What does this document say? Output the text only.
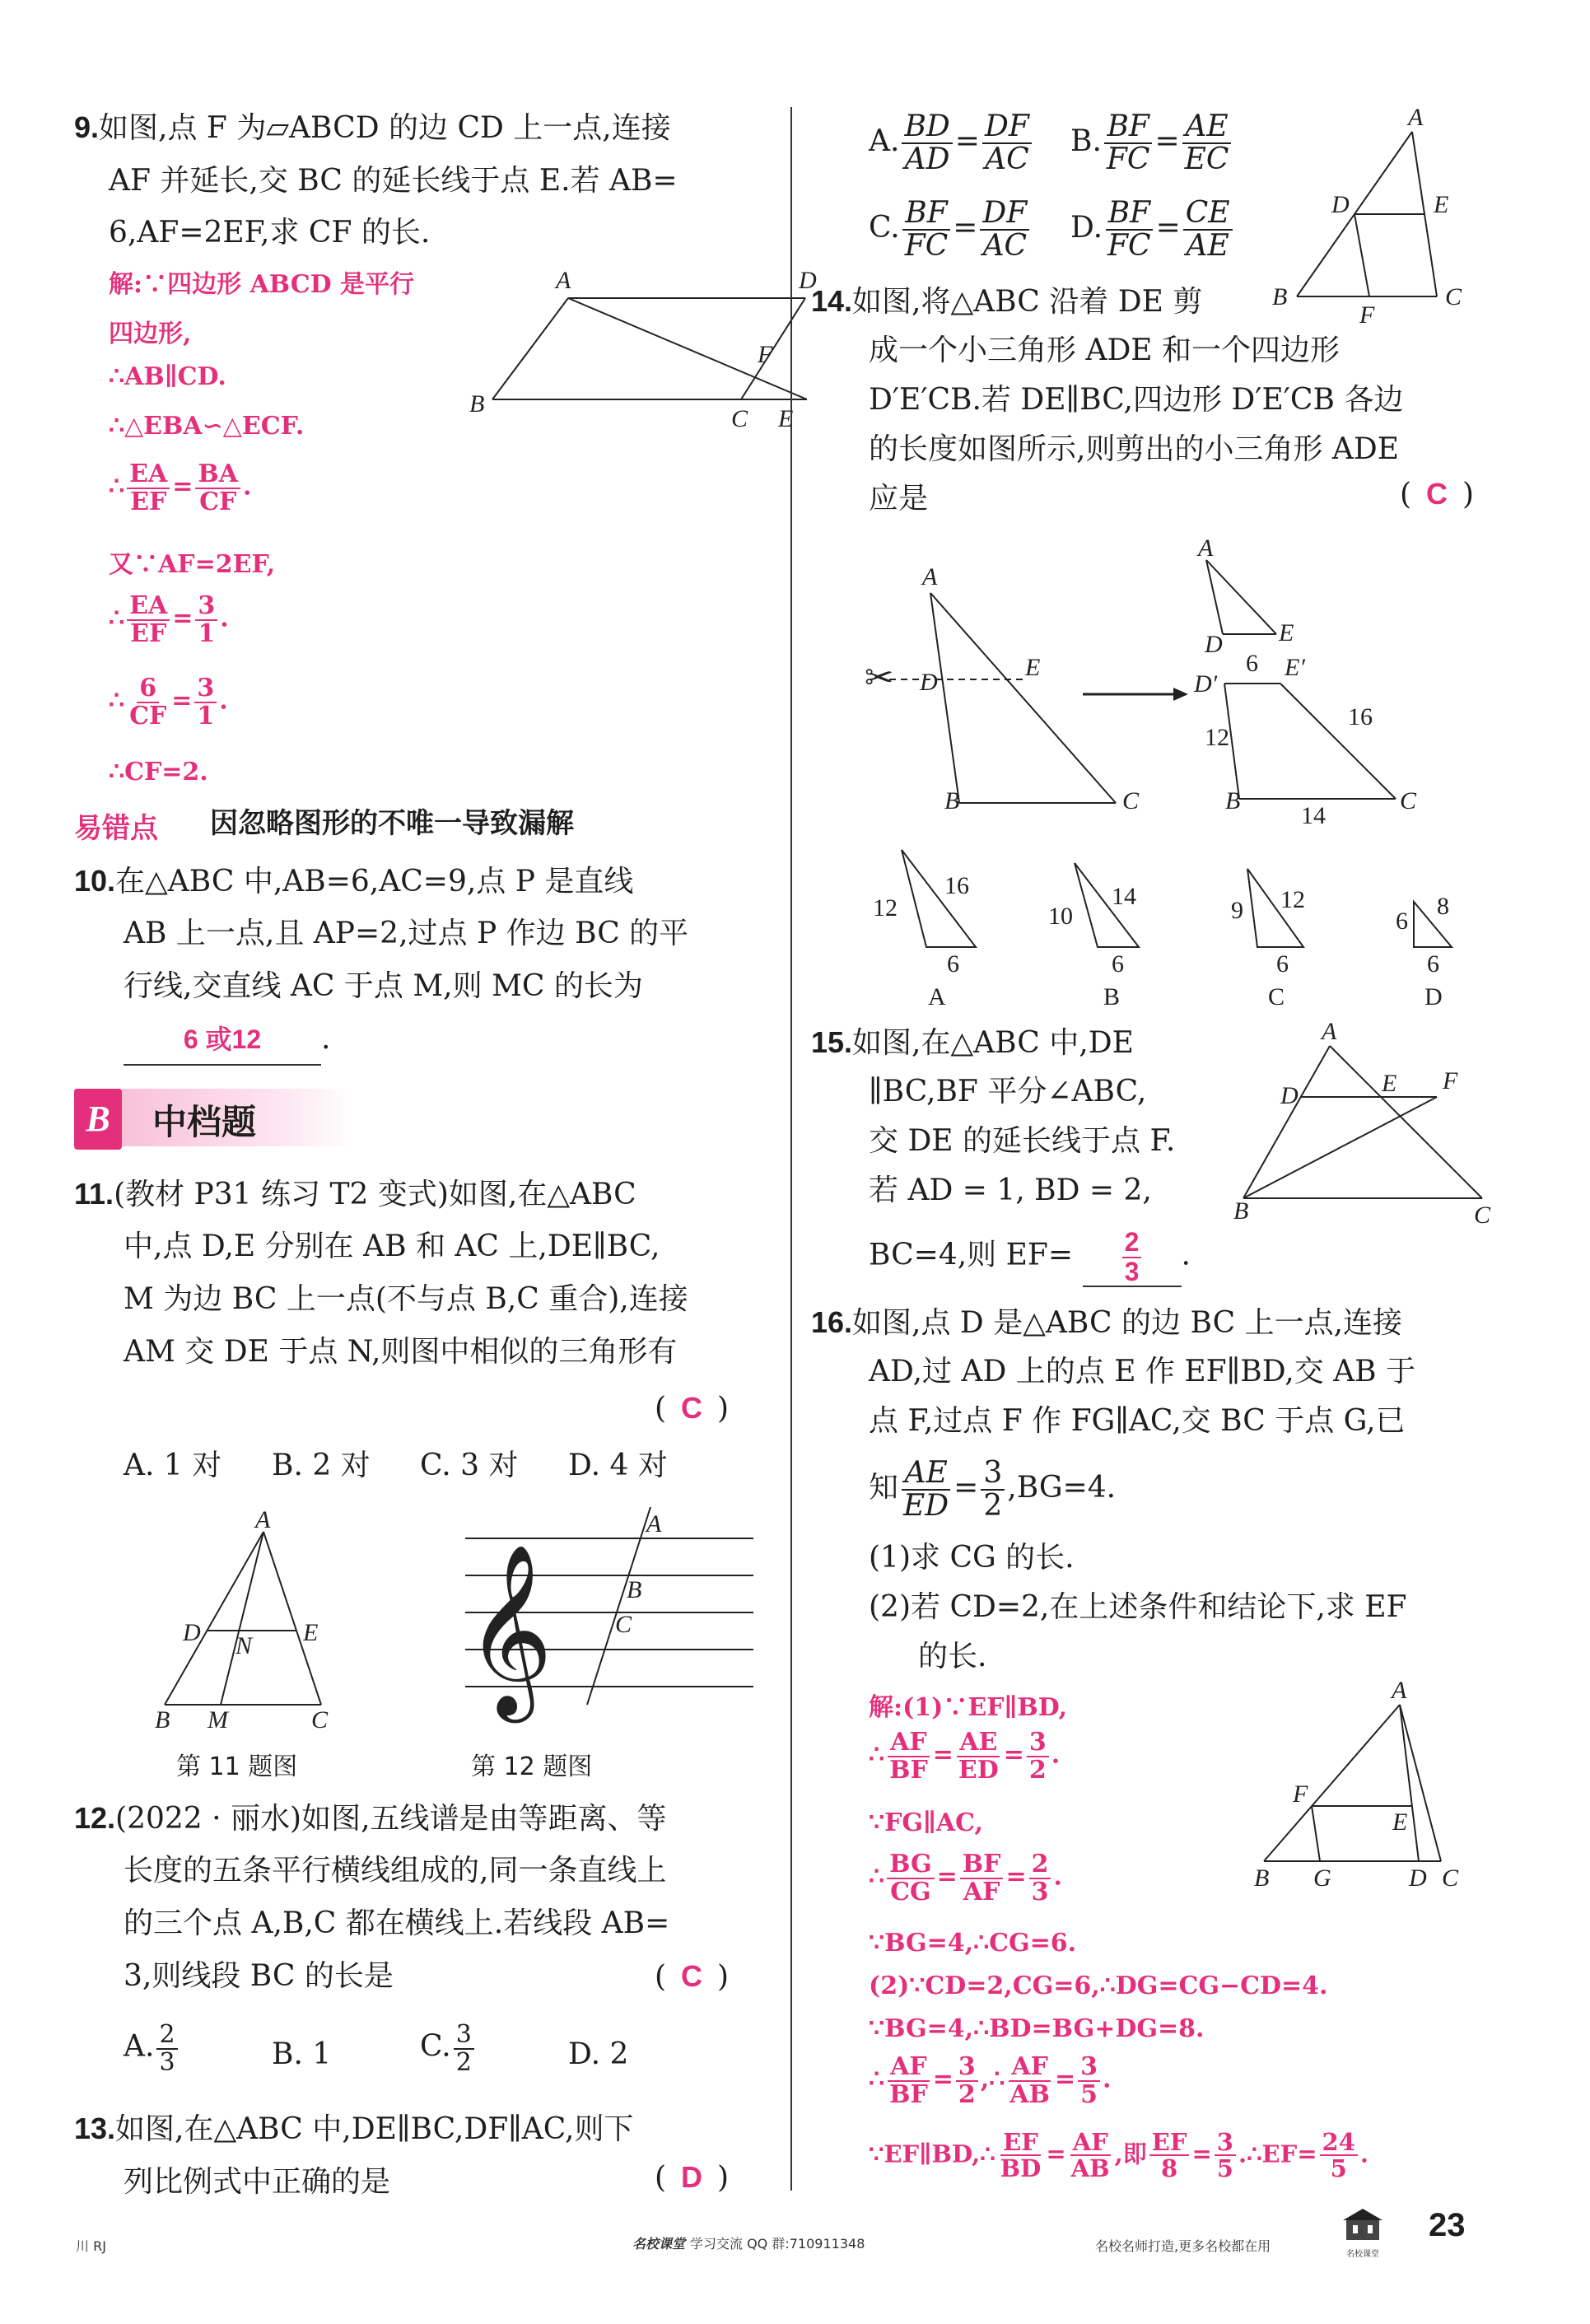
9.如图,点 F 为▱ABCD 的边 CD 上一点,连接
AF 并延长,交 BC 的延长线于点 E.若 AB=
6,AF=2EF,求 CF 的长.
解:∵四边形 ABCD 是平行
四边形,
∴AB∥CD.
∴△EBA∽△ECF.
∴ $\frac{EA}{EF} = \frac{BA}{CF}$ .
又∵AF=2EF,
∴ $\frac{EA}{EF} = \frac{3}{1}$ .
∴ $\frac{6}{CF} = \frac{3}{1}$ .
∴CF=2.
A	D
F
B
C E
易错点 因忽略图形的不唯一导致漏解
10.在△ABC 中,AB=6,AC=9,点 P 是直线
AB 上一点,且 AP=2,过点 P 作边 BC 的平
行线,交直线 AC 于点 M,则 MC 的长为
6 或12 .
B	中档题
11.(教材 P31 练习 T2 变式)如图,在△ABC
中,点 D,E 分别在 AB 和 AC 上,DE∥BC,
M 为边 BC 上一点(不与点 B,C 重合),连接
AM 交 DE 于点 N,则图中相似的三角形有
( C )
A. 1 对 B. 2 对 C. 3 对 D. 4 对
A
D N E
B M	C
第 11 题图
𝄞
A
B
C
第 12 题图
12.(2022 · 丽水)如图,五线谱是由等距离、等
长度的五条平行横线组成的,同一条直线上
的三个点 A,B,C 都在横线上.若线段 AB=
3,则线段 BC 的长是	( C )
A. $\frac{2}{3}$	B. 1	C. $\frac{3}{2}$	D. 2
13.如图,在△ABC 中,DE∥BC,DF∥AC,则下
列比例式中正确的是	( D )
A. $\frac{BD}{AD} = \frac{DF}{AC} B$. $\frac{BF}{FC} = \frac{AE}{EC}$
C. $\frac{BF}{FC} = \frac{DF}{AC} D$. $\frac{BF}{FC} = \frac{CE}{AE}$
A
D	E
B
F
C
14.如图,将△ABC 沿着 DE 剪
成一个小三角形 ADE 和一个四边形
D′E′CB.若 DE∥BC,四边形 D′E′CB 各边
的长度如图所示,则剪出的小三角形 ADE
应是	( C )
✂
A
D
E
B	C
A
D E
D′
E′
B	C
6
12
16
14
12
16
6
A
10
14
6
B
9 12
6
C
6
8
6
D
15.如图,在△ABC 中,DE
∥BC,BF 平分∠ABC,
交 DE 的延长线于点 F.
若 AD = 1, BD = 2,
BC=4,则 $EF= \frac{2}{3}$ .
A
D	E F
B	C
16.如图,点 D 是△ABC 的边 BC 上一点,连接
AD,过 AD 上的点 E 作 EF∥BD,交 AB 于
点 F,过点 F 作 FG∥AC,交 BC 于点 G,已
知 $\frac{AE}{ED} = \frac{3}{2} ,BG=4$.
(1)求 CG 的长.
(2)若 CD=2,在上述条件和结论下,求 EF
的长.
解:(1)∵EF∥BD,
∴ $\frac{AF}{BF} = \frac{AE}{ED} = \frac{3}{2}$ .
∵FG∥AC,
∴ $\frac{BG}{CG} = \frac{BF}{AF} = \frac{2}{3}$ .
∵BG=4,∴CG=6.
(2)∵CD=2,CG=6,∴DG=CG−CD=4.
∵BG=4,∴BD=BG+DG=8.
∴ $\frac{AF}{BF} = \frac{3}{2}$ ,∴ $\frac{AF}{AB} = \frac{3}{5}$ .
∵EF∥BD,∴ $\frac{EF}{BD} = \frac{AF}{AB}$ ,即 $\frac{EF}{8} = \frac{3}{5}$ .∴EF= $\frac{24}{5}$ .
A
F
E
B G	D C
川 RJ	名校课堂 学习交流 QQ 群:710911348	名校名师打造,更多名校都在用
名校课堂
23
